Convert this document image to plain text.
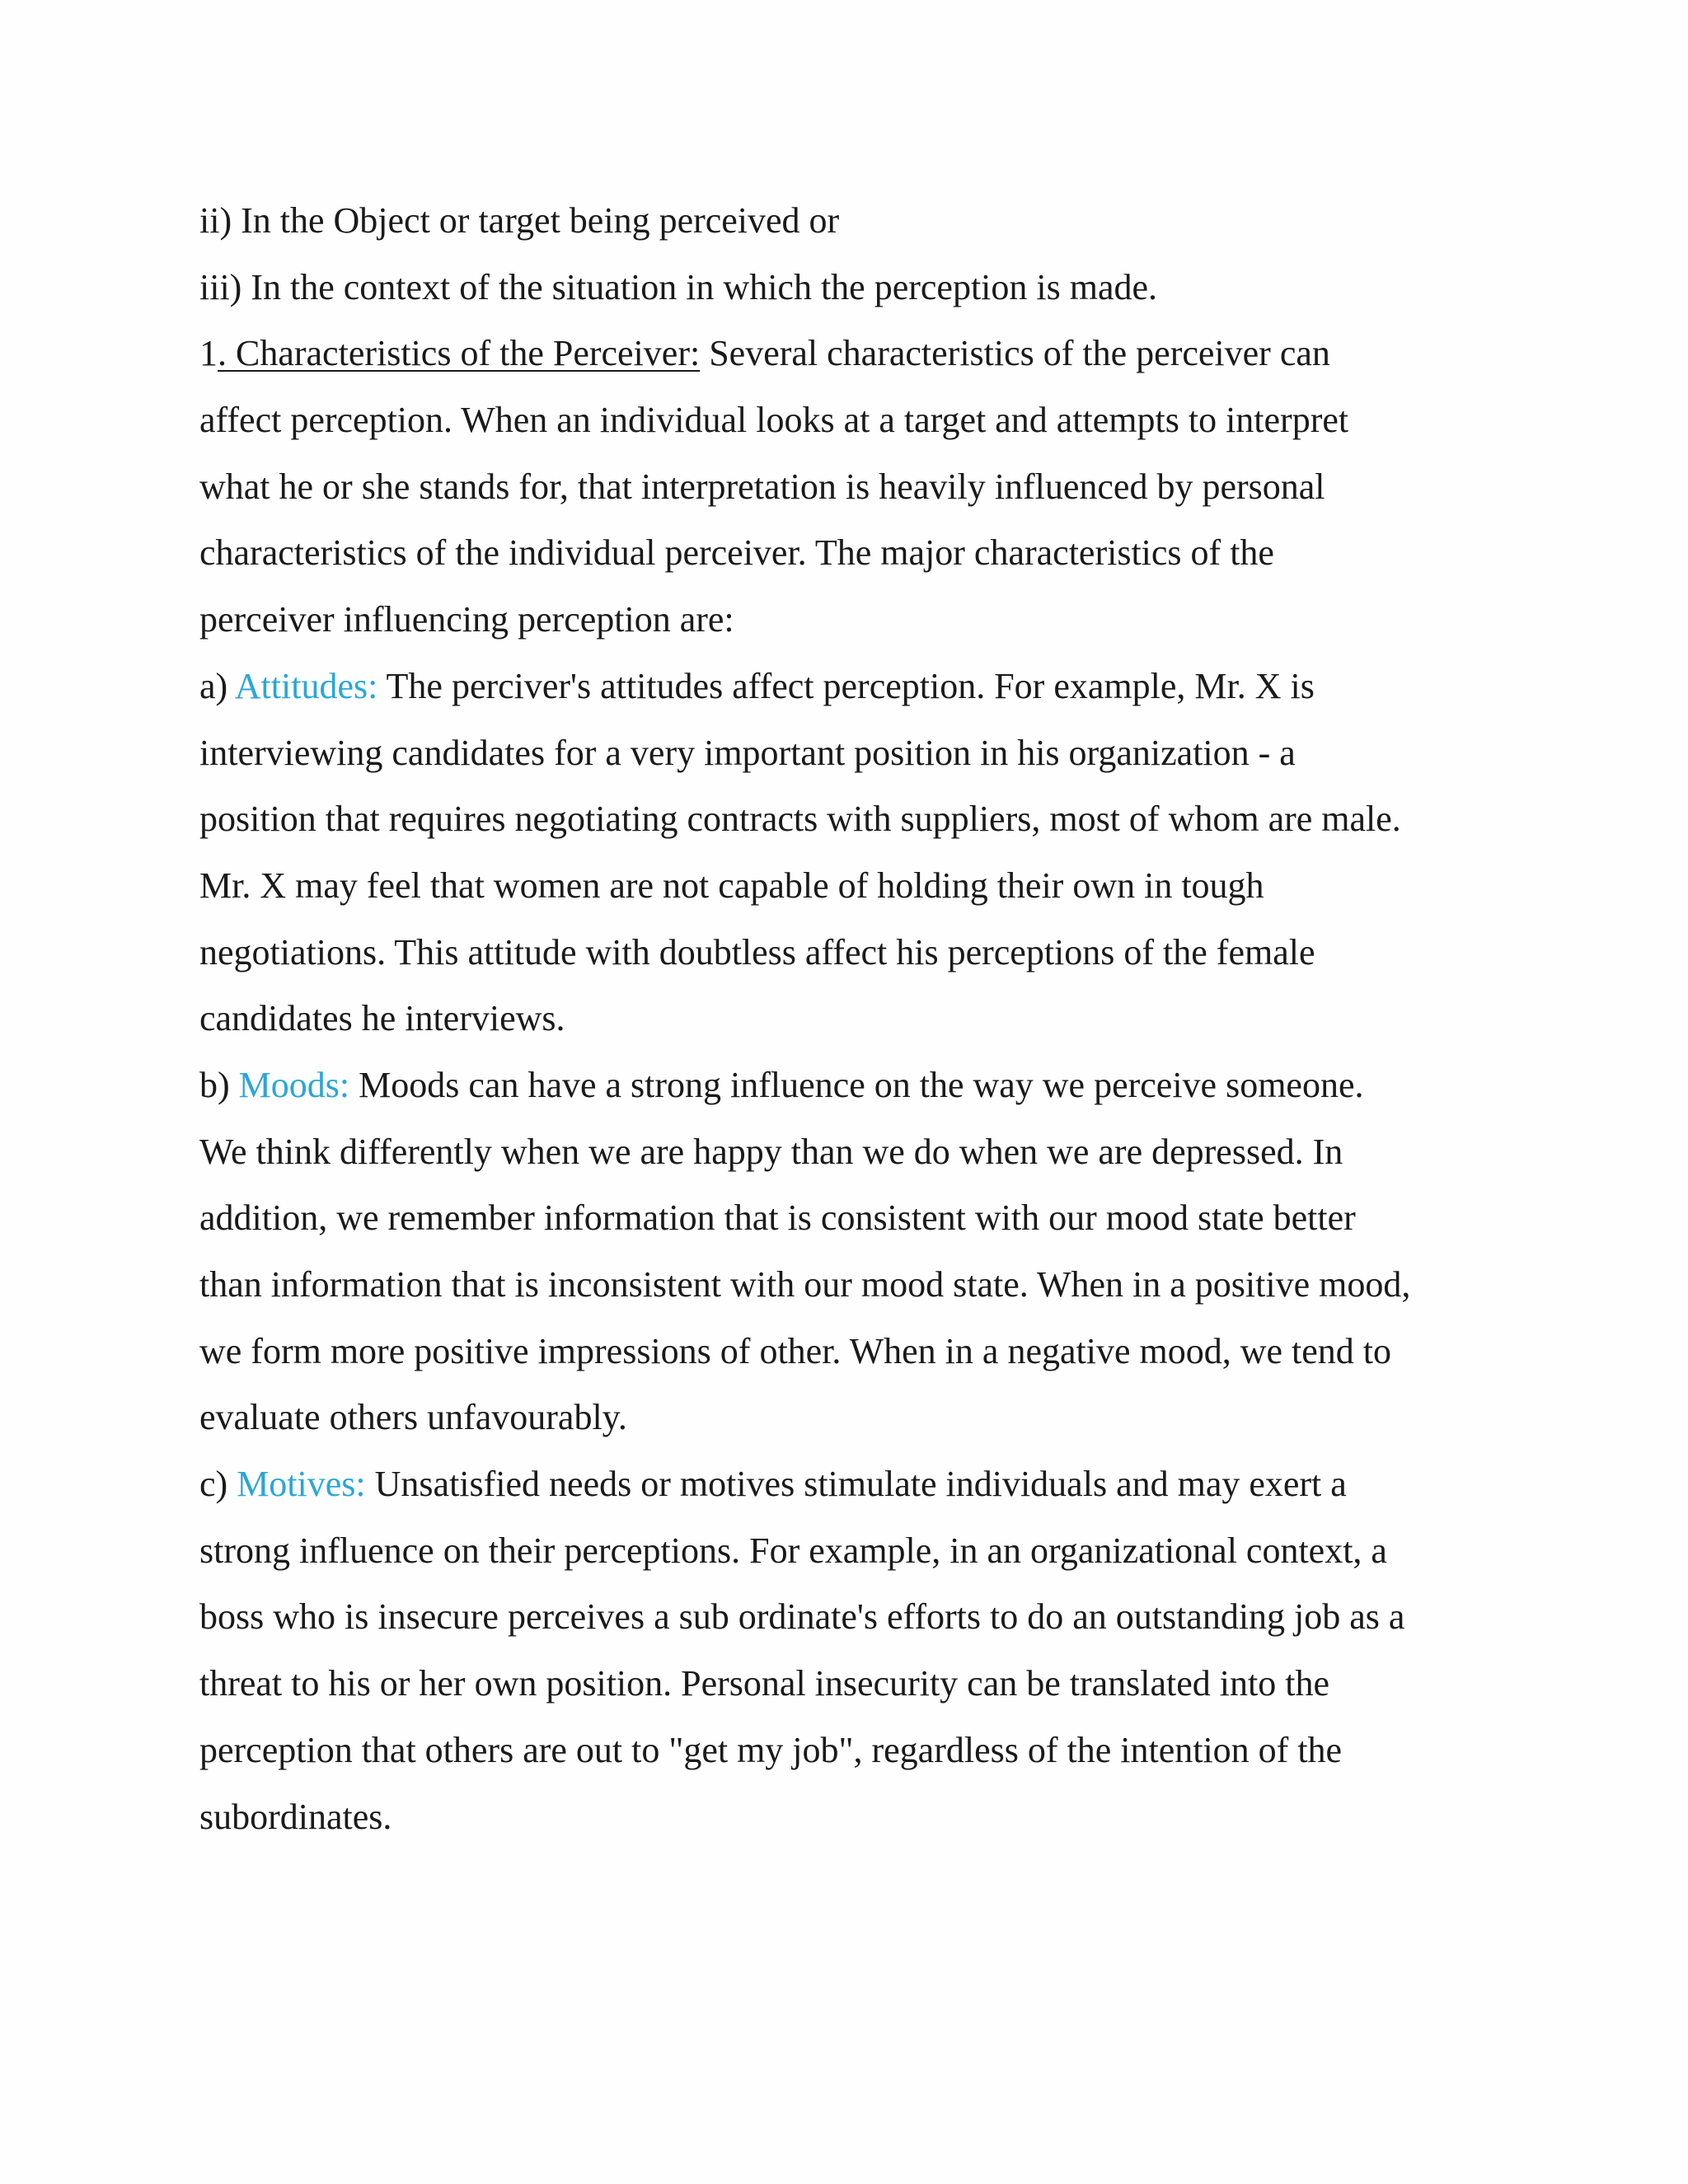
ii) In the Object or target being perceived or
iii) In the context of the situation in which the perception is made.
1. Characteristics of the Perceiver: Several characteristics of the perceiver can
affect perception. When an individual looks at a target and attempts to interpret
what he or she stands for, that interpretation is heavily influenced by personal
characteristics of the individual perceiver. The major characteristics of the
perceiver influencing perception are:
a) Attitudes: The perciver's attitudes affect perception. For example, Mr. X is
interviewing candidates for a very important position in his organization - a
position that requires negotiating contracts with suppliers, most of whom are male.
Mr. X may feel that women are not capable of holding their own in tough
negotiations. This attitude with doubtless affect his perceptions of the female
candidates he interviews.
b) Moods: Moods can have a strong influence on the way we perceive someone.
We think differently when we are happy than we do when we are depressed. In
addition, we remember information that is consistent with our mood state better
than information that is inconsistent with our mood state. When in a positive mood,
we form more positive impressions of other. When in a negative mood, we tend to
evaluate others unfavourably.
c) Motives: Unsatisfied needs or motives stimulate individuals and may exert a
strong influence on their perceptions. For example, in an organizational context, a
boss who is insecure perceives a sub ordinate's efforts to do an outstanding job as a
threat to his or her own position. Personal insecurity can be translated into the
perception that others are out to "get my job", regardless of the intention of the
subordinates.
